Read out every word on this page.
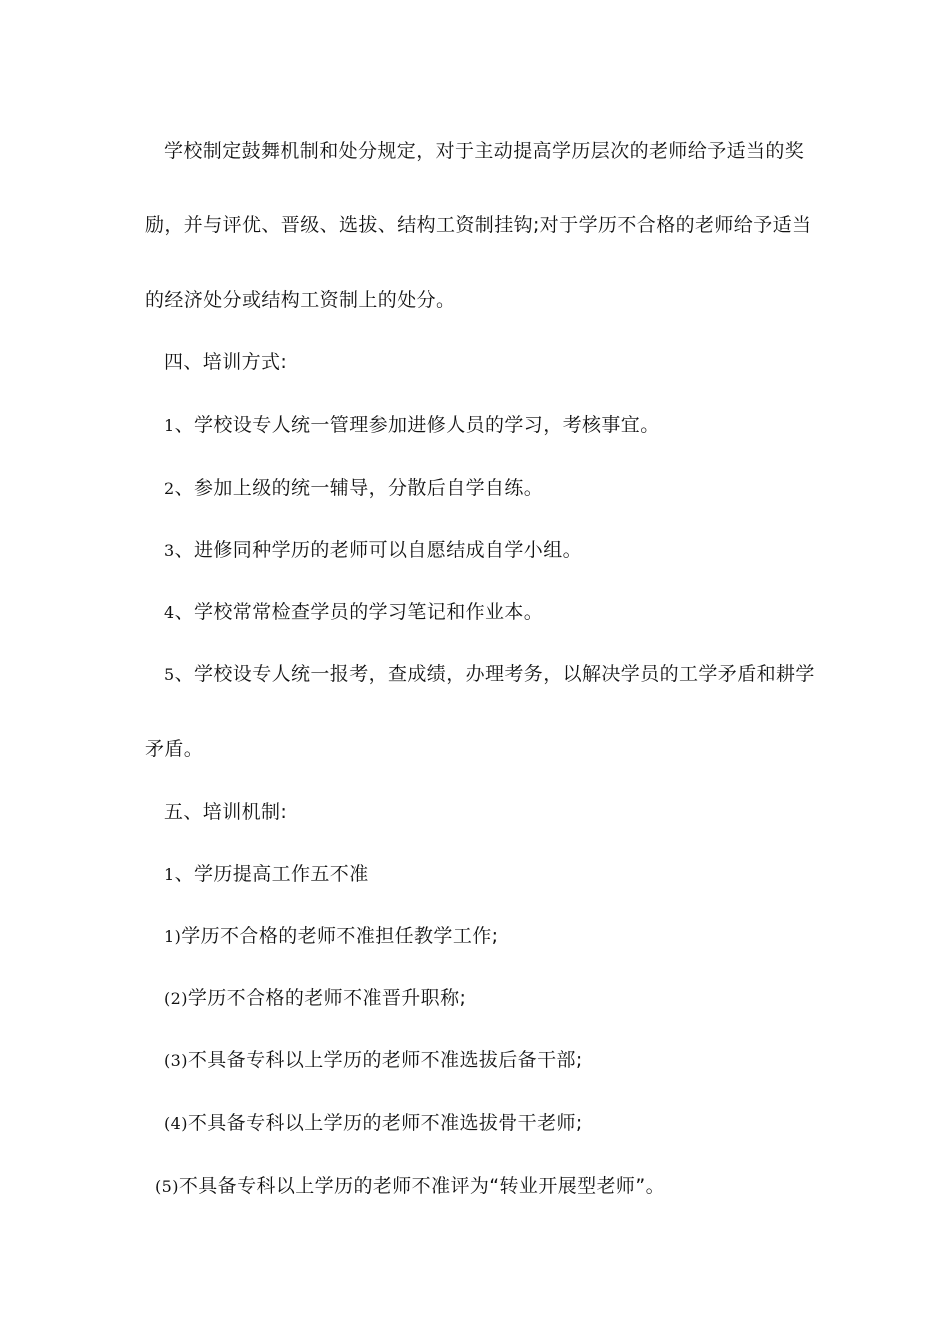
学校制定鼓舞机制和处分规定，对于主动提高学历层次的老师给予适当的奖
励，并与评优、晋级、选拔、结构工资制挂钩;对于学历不合格的老师给予适当
的经济处分或结构工资制上的处分。
四、培训方式:
1、学校设专人统一管理参加进修人员的学习，考核事宜。
2、参加上级的统一辅导，分散后自学自练。
3、进修同种学历的老师可以自愿结成自学小组。
4、学校常常检查学员的学习笔记和作业本。
5、学校设专人统一报考，查成绩，办理考务，以解决学员的工学矛盾和耕学
矛盾。
五、培训机制:
1、学历提高工作五不准
1)学历不合格的老师不准担任教学工作;
(2)学历不合格的老师不准晋升职称;
(3)不具备专科以上学历的老师不准选拔后备干部;
(4)不具备专科以上学历的老师不准选拔骨干老师;
(5)不具备专科以上学历的老师不准评为“转业开展型老师”。
